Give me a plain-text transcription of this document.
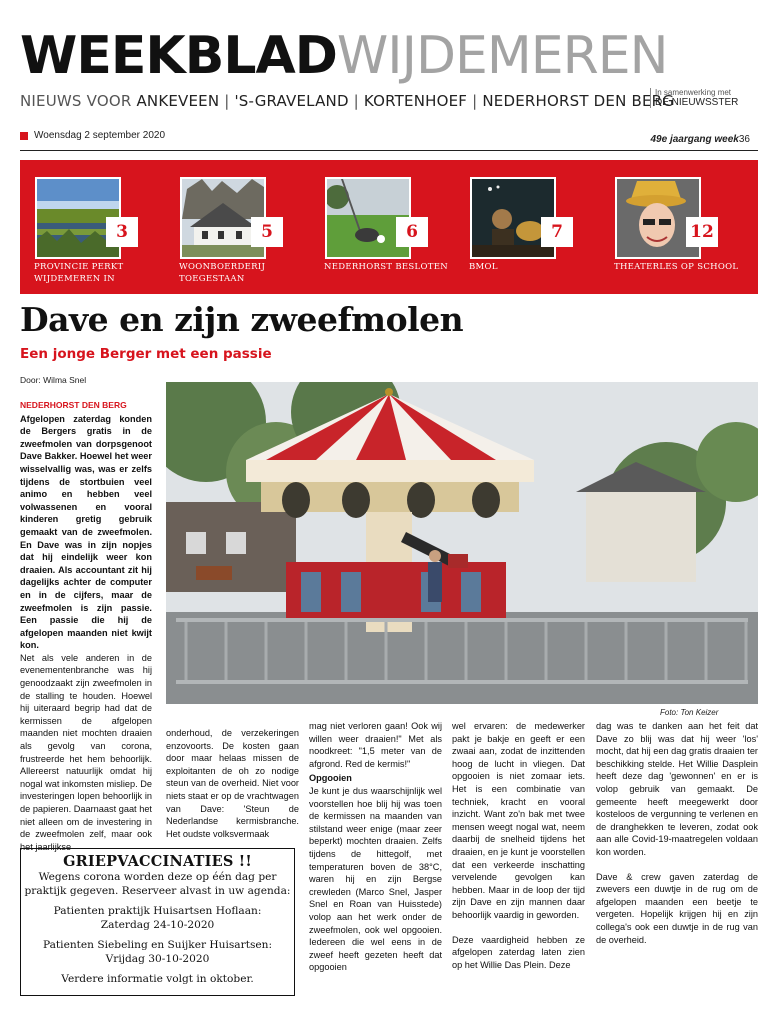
WEEKBLADWIJDEMEREN
NIEUWS VOOR ANKEVEEN | 'S-GRAVELAND | KORTENHOEF | NEDERHORST DEN BERG
In samenwerking met
DE NIEUWSSTER
Woensdag 2 september 2020	49e jaargang week36
3
PROVINCIE PERKT WIJDEMEREN IN
5
WOONBOERDERIJ TOEGESTAAN
6
NEDERHORST BESLOTEN
7
BMOL
12
THEATERLES OP SCHOOL
Dave en zijn zweefmolen
Een jonge Berger met een passie
Door: Wilma Snel
NEDERHORST DEN BERG

Afgelopen zaterdag konden de Bergers gratis in de zweefmolen van dorpsgenoot Dave Bakker. Hoewel het weer wisselvallig was, was er zelfs tijdens de stortbuien veel animo en hebben veel volwassenen en vooral kinderen gretig gebruik gemaakt van de zweefmolen. En Dave was in zijn nopjes dat hij eindelijk weer kon draaien. Als accountant zit hij dagelijks achter de computer en in de cijfers, maar de zweefmolen is zijn passie. Een passie die hij de afgelopen maanden niet kwijt kon.

Net als vele anderen in de evenementenbranche was hij genoodzaakt zijn zweefmolen in de stalling te houden. Hoewel hij uiteraard begrip had dat de kermissen de afgelopen maanden niet mochten draaien als gevolg van corona, frustreerde het hem behoorlijk. Allereerst natuurlijk omdat hij nogal wat inkomsten misliep. De investeringen lopen behoorlijk in de papieren. Daarnaast gaat het niet alleen om de investering in de zweefmolen zelf, maar ook het jaarlijkse

Foto: Ton Keizer

onderhoud, de verzekeringen enzovoorts. De kosten gaan door maar helaas missen de exploitanten de oh zo nodige steun van de overheid. Niet voor niets staat er op de vrachtwagen van Dave: 'Steun de Nederlandse kermisbranche. Het oudste volksvermaak

mag niet verloren gaan! Ook wij willen weer draaien!" Met als noodkreet: "1,5 meter van de afgrond. Red de kermis!"

Opgooien

Je kunt je dus waarschijnlijk wel voorstellen hoe blij hij was toen de kermissen na maanden van stilstand weer enige (maar zeer beperkt) mochten draaien. Zelfs tijdens de hittegolf, met temperaturen boven de 38°C, waren hij en zijn Bergse crewleden (Marco Snel, Jasper Snel en Roan van Huisstede) volop aan het werk onder de zweefmolen, ook wel opgooien. Iedereen die wel eens in de zweef heeft gezeten heeft dat opgooien

wel ervaren: de medewerker pakt je bakje en geeft er een zwaai aan, zodat de inzittenden hoog de lucht in vliegen. Dat opgooien is niet zomaar iets. Het is een combinatie van techniek, kracht en vooral inzicht. Want zo'n bak met twee mensen weegt nogal wat, neem daarbij de snelheid tijdens het draaien, en je kunt je voorstellen dat een verkeerde inschatting vervelende gevolgen kan hebben. Maar in de loop der tijd zijn Dave en zijn mannen daar behoorlijk vaardig in geworden.

Deze vaardigheid hebben ze afgelopen zaterdag laten zien op het Willie Das Plein. Deze

dag was te danken aan het feit dat Dave zo blij was dat hij weer 'los' mocht, dat hij een dag gratis draaien ter beschikking stelde. Het Willie Dasplein heeft deze dag 'gewonnen' en er is volop gebruik van gemaakt. De gemeente heeft meegewerkt door kosteloos de vergunning te verlenen en de dranghekken te leveren, zodat ook aan alle Covid-19-maatregelen voldaan kon worden.

Dave & crew gaven zaterdag de zwevers een duwtje in de rug om de afgelopen maanden een beetje te vergeten. Hopelijk krijgen hij en zijn collega's ook een duwtje in de rug van de overheid.

GRIEPVACCINATIES !!

Wegens corona worden deze op één dag per

praktijk gegeven. Reserveer alvast in uw agenda:

Patienten praktijk Huisartsen Hoflaan:

Zaterdag 24-10-2020

Patienten Siebeling en Suijker Huisartsen:

Vrijdag 30-10-2020

Verdere informatie volgt in oktober.
